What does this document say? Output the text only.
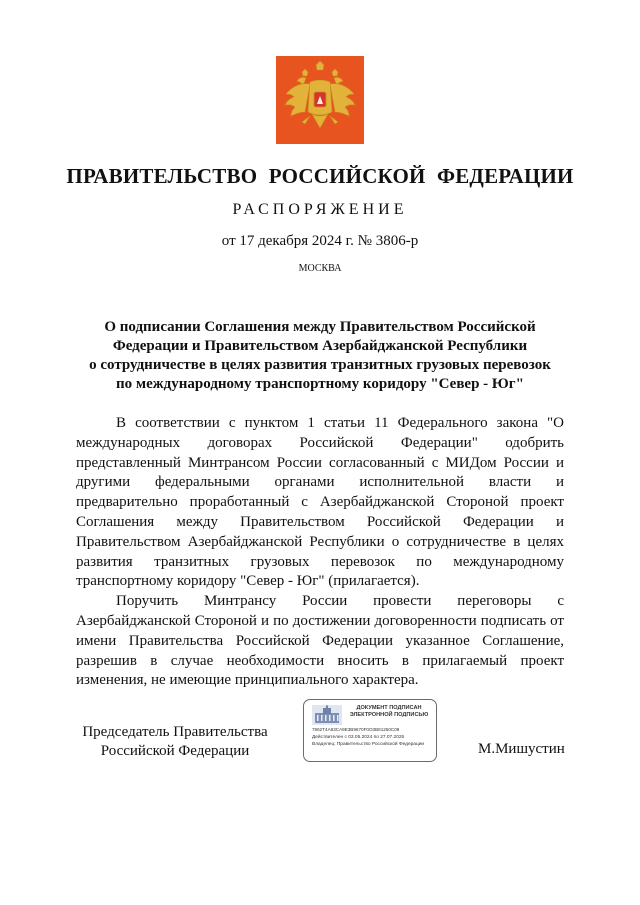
ПРАВИТЕЛЬСТВО РОССИЙСКОЙ ФЕДЕРАЦИИ
РАСПОРЯЖЕНИЕ
от 17 декабря 2024 г. № 3806-р
МОСКВА
О подписании Соглашения между Правительством Российской
Федерации и Правительством Азербайджанской Республики
о сотрудничестве в целях развития транзитных грузовых перевозок
по международному транспортному коридору "Север - Юг"

В соответствии с пунктом 1 статьи 11 Федерального закона "О международных договорах Российской Федерации" одобрить представленный Минтрансом России согласованный с МИДом России и другими федеральными органами исполнительной власти и предварительно проработанный с Азербайджанской Стороной проект Соглашения между Правительством Российской Федерации и Правительством Азербайджанской Республики о сотрудничестве в целях развития транзитных грузовых перевозок по международному транспортному коридору "Север - Юг" (прилагается).

Поручить Минтрансу России провести переговоры с Азербайджанской Стороной и по достижении договоренности подписать от имени Правительства Российской Федерации указанное Соглашение, разрешив в случае необходимости вносить в прилагаемый проект изменения, не имеющие принципиального характера.

Председатель Правительства
Российской Федерации
ДОКУМЕНТ ПОДПИСАН
ЭЛЕКТРОННОЙ ПОДПИСЬЮ
7862T4A83CA9E3B9670F0O3B81250C08
Действителен с 03.05.2024 по 27.07.2025
Владелец: Правительство Российской Федерации	М.Мишустин
